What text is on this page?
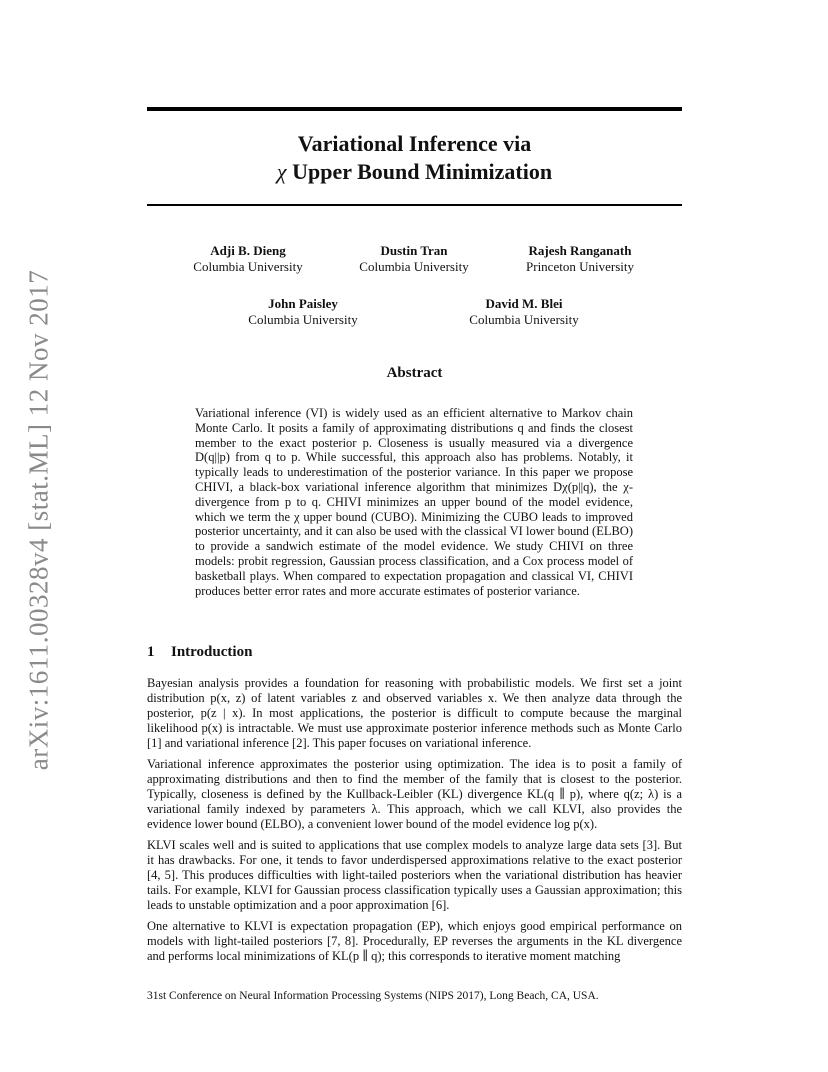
arXiv:1611.00328v4 [stat.ML] 12 Nov 2017
Variational Inference via
χ Upper Bound Minimization
Adji B. Dieng
Columbia University
Dustin Tran
Columbia University
Rajesh Ranganath
Princeton University
John Paisley
Columbia University
David M. Blei
Columbia University
Abstract
Variational inference (VI) is widely used as an efficient alternative to Markov chain Monte Carlo. It posits a family of approximating distributions q and finds the closest member to the exact posterior p. Closeness is usually measured via a divergence D(q||p) from q to p. While successful, this approach also has problems. Notably, it typically leads to underestimation of the posterior variance. In this paper we propose CHIVI, a black-box variational inference algorithm that minimizes Dχ(p||q), the χ-divergence from p to q. CHIVI minimizes an upper bound of the model evidence, which we term the χ upper bound (CUBO). Minimizing the CUBO leads to improved posterior uncertainty, and it can also be used with the classical VI lower bound (ELBO) to provide a sandwich estimate of the model evidence. We study CHIVI on three models: probit regression, Gaussian process classification, and a Cox process model of basketball plays. When compared to expectation propagation and classical VI, CHIVI produces better error rates and more accurate estimates of posterior variance.
1 Introduction

Bayesian analysis provides a foundation for reasoning with probabilistic models. We first set a joint distribution p(x, z) of latent variables z and observed variables x. We then analyze data through the posterior, p(z | x). In most applications, the posterior is difficult to compute because the marginal likelihood p(x) is intractable. We must use approximate posterior inference methods such as Monte Carlo [1] and variational inference [2]. This paper focuses on variational inference.

Variational inference approximates the posterior using optimization. The idea is to posit a family of approximating distributions and then to find the member of the family that is closest to the posterior. Typically, closeness is defined by the Kullback-Leibler (KL) divergence KL(q ∥ p), where q(z; λ) is a variational family indexed by parameters λ. This approach, which we call KLVI, also provides the evidence lower bound (ELBO), a convenient lower bound of the model evidence log p(x).

KLVI scales well and is suited to applications that use complex models to analyze large data sets [3]. But it has drawbacks. For one, it tends to favor underdispersed approximations relative to the exact posterior [4, 5]. This produces difficulties with light-tailed posteriors when the variational distribution has heavier tails. For example, KLVI for Gaussian process classification typically uses a Gaussian approximation; this leads to unstable optimization and a poor approximation [6].

One alternative to KLVI is expectation propagation (EP), which enjoys good empirical performance on models with light-tailed posteriors [7, 8]. Procedurally, EP reverses the arguments in the KL divergence and performs local minimizations of KL(p ∥ q); this corresponds to iterative moment matching

31st Conference on Neural Information Processing Systems (NIPS 2017), Long Beach, CA, USA.
